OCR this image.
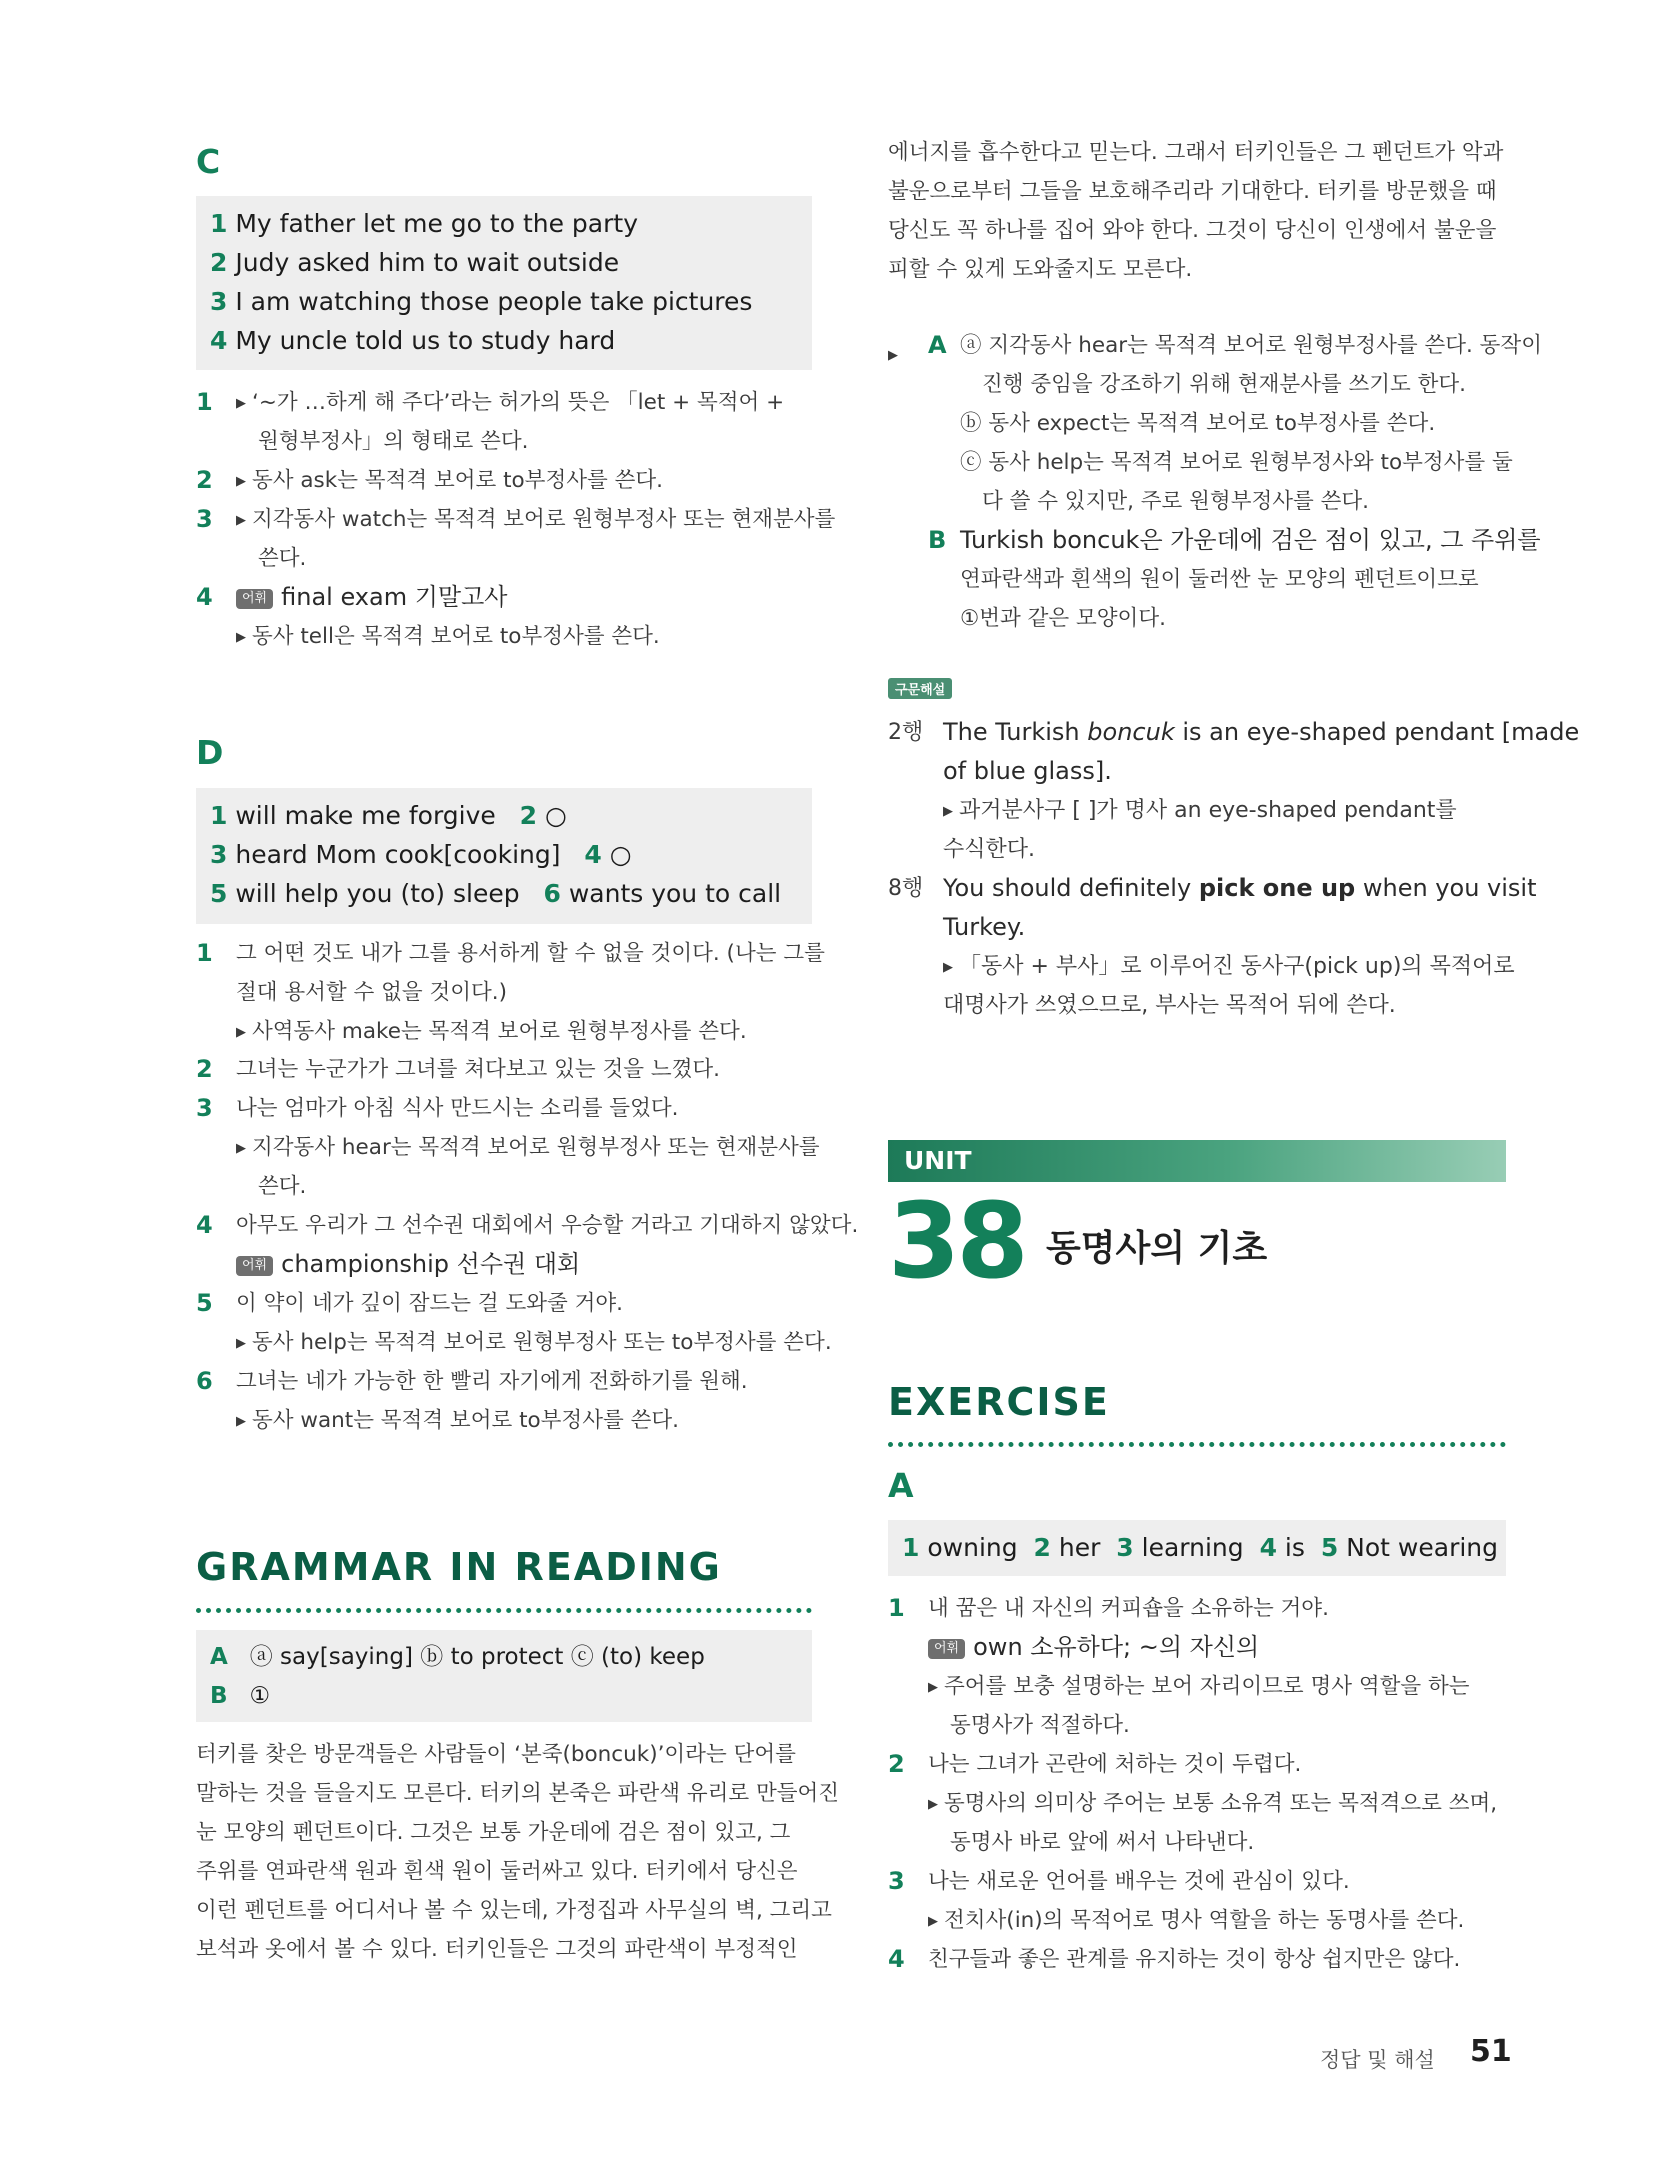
C
1 My father let me go to the party
2 Judy asked him to wait outside
3 I am watching those people take pictures
4 My uncle told us to study hard
1 ▶ ‘~가 …하게 해 주다’라는 허가의 뜻은 「let + 목적어 +
원형부정사」의 형태로 쓴다.
2 ▶ 동사 ask는 목적격 보어로 to부정사를 쓴다.
3 ▶ 지각동사 watch는 목적격 보어로 원형부정사 또는 현재분사를
쓴다.
4	어휘 final exam 기말고사
▶ 동사 tell은 목적격 보어로 to부정사를 쓴다.
D
1 will make me forgive 2 ○
3 heard Mom cook[cooking] 4 ○
5 will help you (to) sleep 6 wants you to call
1 그 어떤 것도 내가 그를 용서하게 할 수 없을 것이다. (나는 그를
절대 용서할 수 없을 것이다.)
▶ 사역동사 make는 목적격 보어로 원형부정사를 쓴다.
2 그녀는 누군가가 그녀를 쳐다보고 있는 것을 느꼈다.
3 나는 엄마가 아침 식사 만드시는 소리를 들었다.
▶ 지각동사 hear는 목적격 보어로 원형부정사 또는 현재분사를
쓴다.
4 아무도 우리가 그 선수권 대회에서 우승할 거라고 기대하지 않았다.
어휘 championship 선수권 대회
5 이 약이 네가 깊이 잠드는 걸 도와줄 거야.
▶ 동사 help는 목적격 보어로 원형부정사 또는 to부정사를 쓴다.
6 그녀는 네가 가능한 한 빨리 자기에게 전화하기를 원해.
▶ 동사 want는 목적격 보어로 to부정사를 쓴다.
GRAMMAR IN READING
A ⓐ say[saying] ⓑ to protect ⓒ (to) keep
B ①
터키를 찾은 방문객들은 사람들이 ‘본죽(boncuk)’이라는 단어를
말하는 것을 들을지도 모른다. 터키의 본죽은 파란색 유리로 만들어진
눈 모양의 펜던트이다. 그것은 보통 가운데에 검은 점이 있고, 그
주위를 연파란색 원과 흰색 원이 둘러싸고 있다. 터키에서 당신은
이런 펜던트를 어디서나 볼 수 있는데, 가정집과 사무실의 벽, 그리고
보석과 옷에서 볼 수 있다. 터키인들은 그것의 파란색이 부정적인
에너지를 흡수한다고 믿는다. 그래서 터키인들은 그 펜던트가 악과
불운으로부터 그들을 보호해주리라 기대한다. 터키를 방문했을 때
당신도 꼭 하나를 집어 와야 한다. 그것이 당신이 인생에서 불운을
피할 수 있게 도와줄지도 모른다.
▶ A ⓐ 지각동사 hear는 목적격 보어로 원형부정사를 쓴다. 동작이
진행 중임을 강조하기 위해 현재분사를 쓰기도 한다.
ⓑ 동사 expect는 목적격 보어로 to부정사를 쓴다.
ⓒ 동사 help는 목적격 보어로 원형부정사와 to부정사를 둘
다 쓸 수 있지만, 주로 원형부정사를 쓴다.
B Turkish boncuk은 가운데에 검은 점이 있고, 그 주위를
연파란색과 흰색의 원이 둘러싼 눈 모양의 펜던트이므로
①번과 같은 모양이다.
구문해설
2행 The Turkish boncuk is an eye-shaped pendant [made
of blue glass].
▶ 과거분사구 [ ]가 명사 an eye-shaped pendant를
수식한다.
8행 You should definitely pick one up when you visit
Turkey.
▶ 「동사 + 부사」로 이루어진 동사구(pick up)의 목적어로
대명사가 쓰였으므로, 부사는 목적어 뒤에 쓴다.
UNIT
38 동명사의 기초
EXERCISE
A
1 owning 2 her 3 learning 4 is 5 Not wearing
1 내 꿈은 내 자신의 커피숍을 소유하는 거야.
어휘 own 소유하다; ~의 자신의
▶ 주어를 보충 설명하는 보어 자리이므로 명사 역할을 하는
동명사가 적절하다.
2 나는 그녀가 곤란에 처하는 것이 두렵다.
▶ 동명사의 의미상 주어는 보통 소유격 또는 목적격으로 쓰며,
동명사 바로 앞에 써서 나타낸다.
3 나는 새로운 언어를 배우는 것에 관심이 있다.
▶ 전치사(in)의 목적어로 명사 역할을 하는 동명사를 쓴다.
4 친구들과 좋은 관계를 유지하는 것이 항상 쉽지만은 않다.
정답 및 해설 51
